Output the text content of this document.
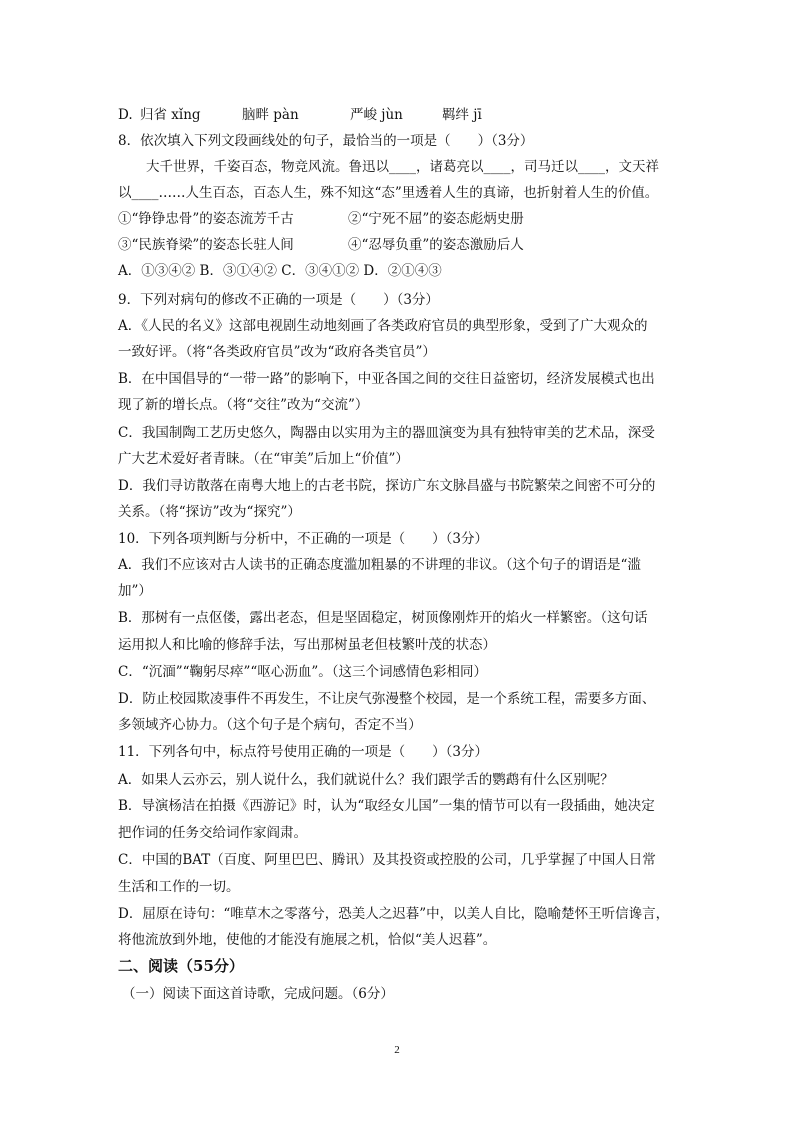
D. 归省 xǐng	脑畔 pàn	严峻 jùn	羁绊 jī
8．依次填入下列文段画线处的句子，最恰当的一项是（　　）（3分）
大千世界，千姿百态，物竞风流。鲁迅以____，诸葛亮以____，司马迁以____，文天祥
以____……人生百态，百态人生，殊不知这“态”里透着人生的真谛，也折射着人生的价值。
①“铮铮忠骨”的姿态流芳千古	②“宁死不屈”的姿态彪炳史册
③“民族脊梁”的姿态长驻人间	④“忍辱负重”的姿态激励后人
A．①③④② B．③①④② C．③④①② D．②①④③
9．下列对病句的修改不正确的一项是（　　）（3分）
A．《人民的名义》这部电视剧生动地刻画了各类政府官员的典型形象，受到了广大观众的
一致好评。（将“各类政府官员”改为“政府各类官员”）
B．在中国倡导的“一带一路”的影响下，中亚各国之间的交往日益密切，经济发展模式也出
现了新的增长点。（将“交往”改为“交流”）
C．我国制陶工艺历史悠久，陶器由以实用为主的器皿演变为具有独特审美的艺术品，深受
广大艺术爱好者青睐。（在“审美”后加上“价值”）
D．我们寻访散落在南粤大地上的古老书院，探访广东文脉昌盛与书院繁荣之间密不可分的
关系。（将“探访”改为“探究”）
10．下列各项判断与分析中，不正确的一项是（　　）（3分）
A．我们不应该对古人读书的正确态度滥加粗暴的不讲理的非议。（这个句子的谓语是“滥
加”）
B．那树有一点伛偻，露出老态，但是坚固稳定，树顶像刚炸开的焰火一样繁密。（这句话
运用拟人和比喻的修辞手法，写出那树虽老但枝繁叶茂的状态）
C．“沉湎”“鞠躬尽瘁”“呕心沥血”。（这三个词感情色彩相同）
D．防止校园欺凌事件不再发生，不让戾气弥漫整个校园，是一个系统工程，需要多方面、
多领域齐心协力。（这个句子是个病句，否定不当）
11．下列各句中，标点符号使用正确的一项是（　　）（3分）
A．如果人云亦云，别人说什么，我们就说什么？我们跟学舌的鹦鹉有什么区别呢？
B．导演杨洁在拍摄《西游记》时，认为“取经女儿国”一集的情节可以有一段插曲，她决定
把作词的任务交给词作家阎肃。
C．中国的BAT（百度、阿里巴巴、腾讯）及其投资或控股的公司，几乎掌握了中国人日常
生活和工作的一切。
D．屈原在诗句：“唯草木之零落兮，恐美人之迟暮”中，以美人自比，隐喻楚怀王听信谗言，
将他流放到外地，使他的才能没有施展之机，恰似“美人迟暮”。
二、阅读（55分）
（一）阅读下面这首诗歌，完成问题。（6分）
2
